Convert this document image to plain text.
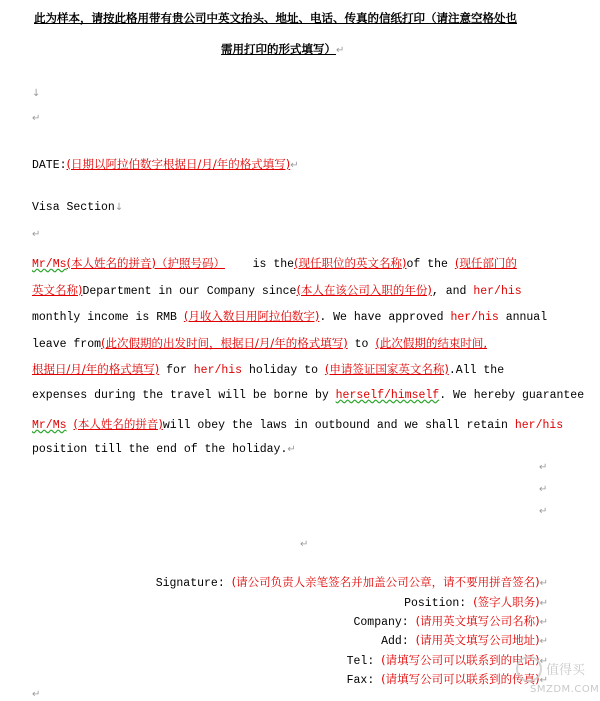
此为样本，请按此格用带有贵公司中英文抬头、地址、电话、传真的信纸打印（请注意空格处也
需用打印的形式填写）↵
↓
↵
DATE:(日期以阿拉伯数字根据日/月/年的格式填写)↵
Visa Section↓
↵
Mr/Ms(本人姓名的拼音)（护照号码） is the(现任职位的英文名称)of the (现任部门的
英文名称)Department in our Company since(本人在该公司入职的年份), and her/his
monthly income is RMB (月收入数目用阿拉伯数字). We have approved her/his annual
leave from(此次假期的出发时间，根据日/月/年的格式填写) to (此次假期的结束时间,
根据日/月/年的格式填写) for her/his holiday to (申请签证国家英文名称).All the
expenses during the travel will be borne by herself/himself. We hereby guarantee
Mr/Ms (本人姓名的拼音)will obey the laws in outbound and we shall retain her/his
position till the end of the holiday.↵
↵
↵
↵
↵
Signature: (请公司负责人亲笔签名并加盖公司公章，请不要用拼音签名)↵
Position: (签字人职务)↵
Company: (请用英文填写公司名称)↵
Add: (请用英文填写公司地址)↵
Tel: (请填写公司可以联系到的电话)↵
Fax: (请填写公司可以联系到的传真)↵
↵
值得买
SMZDM.COM
